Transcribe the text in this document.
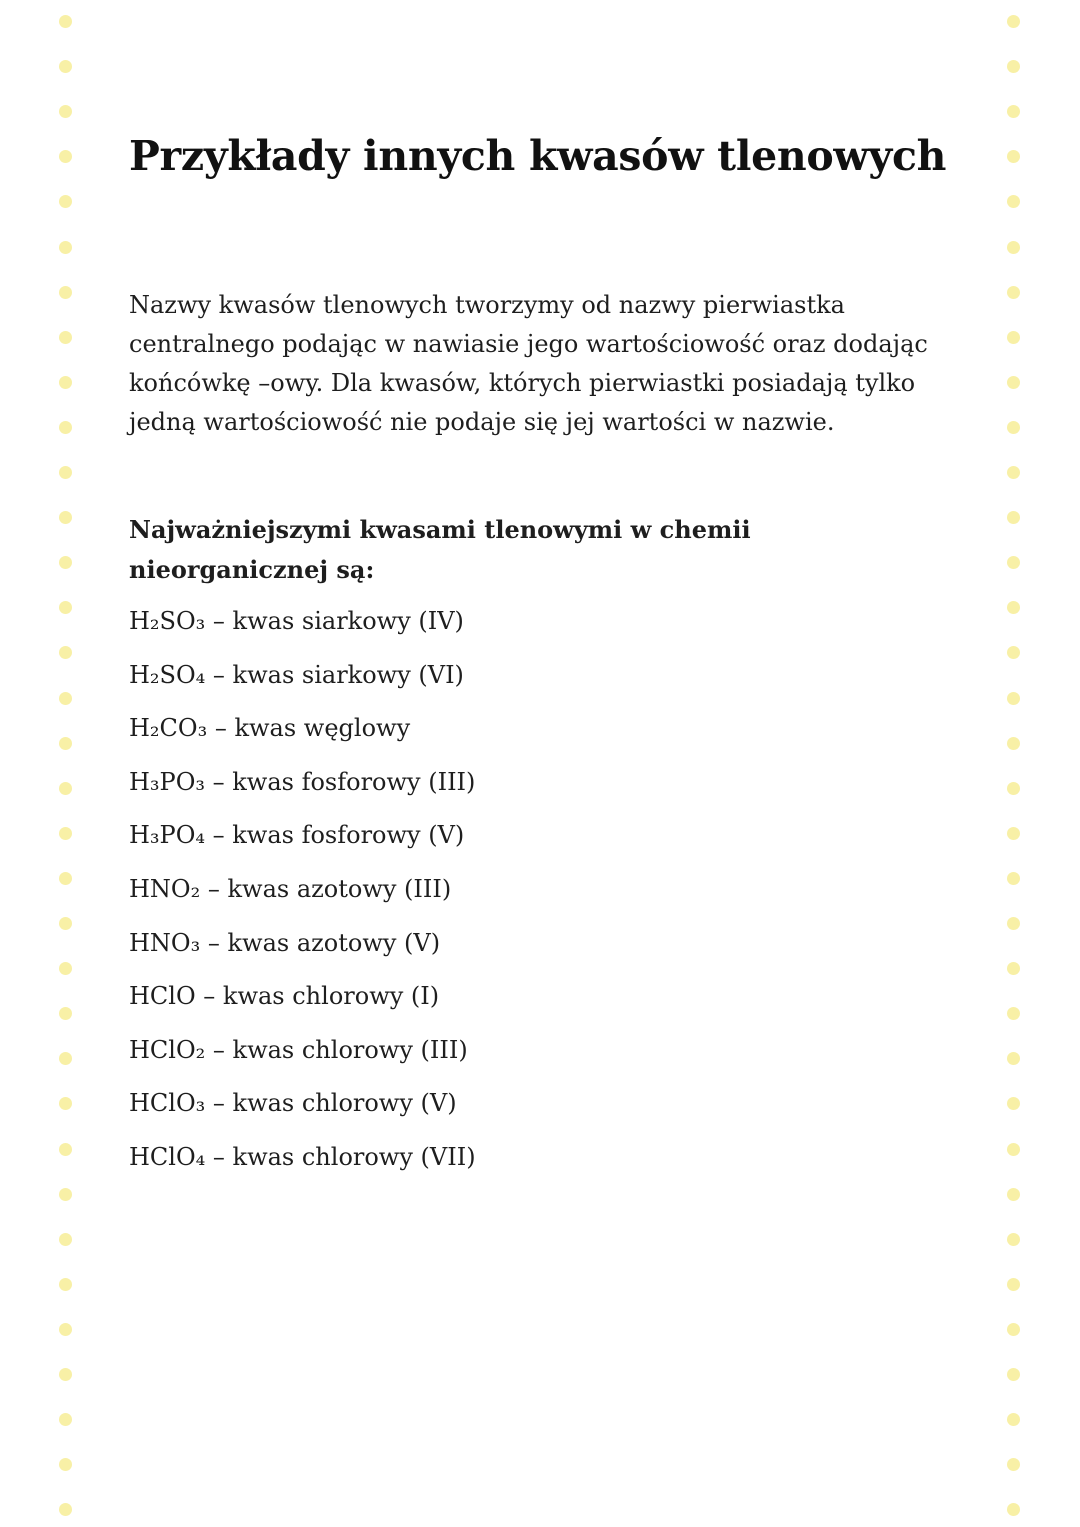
Przykłady innych kwasów tlenowych

Nazwy kwasów tlenowych tworzymy od nazwy pierwiastka centralnego podając w nawiasie jego wartościowość oraz dodając końcówkę –owy. Dla kwasów, których pierwiastki posiadają tylko jedną wartościowość nie podaje się jej wartości w nazwie.

Najważniejszymi kwasami tlenowymi w chemii nieorganicznej są:

H₂SO₃ – kwas siarkowy (IV)
H₂SO₄ – kwas siarkowy (VI)
H₂CO₃ – kwas węglowy
H₃PO₃ – kwas fosforowy (III)
H₃PO₄ – kwas fosforowy (V)
HNO₂ – kwas azotowy (III)
HNO₃ – kwas azotowy (V)
HClO – kwas chlorowy (I)
HClO₂ – kwas chlorowy (III)
HClO₃ – kwas chlorowy (V)
HClO₄ – kwas chlorowy (VII)
